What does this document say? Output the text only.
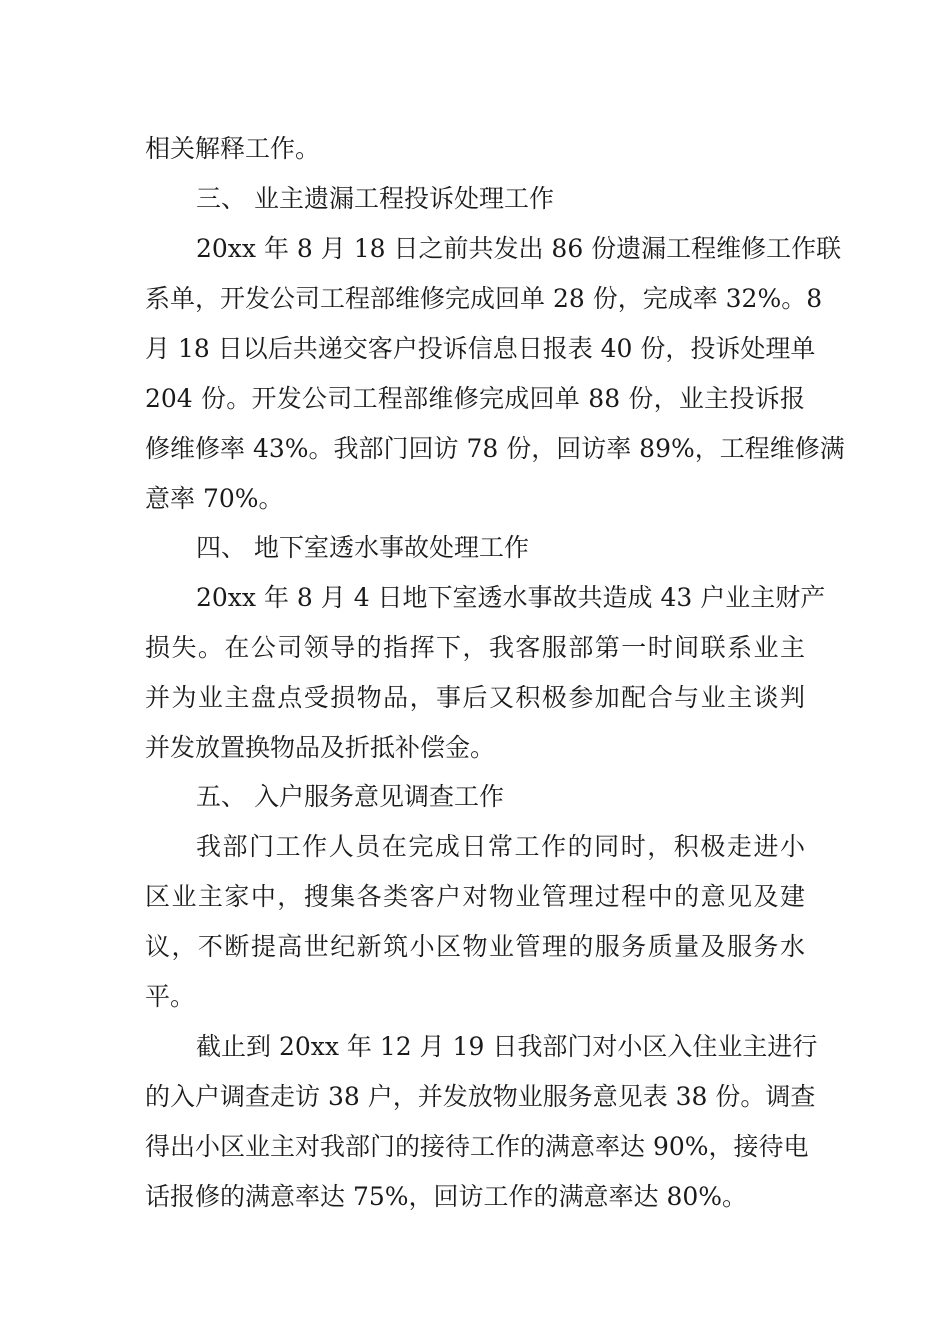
相关解释工作。
三、 业主遗漏工程投诉处理工作
20xx 年 8 月 18 日之前共发出 86 份遗漏工程维修工作联
系单，开发公司工程部维修完成回单 28 份，完成率 32%。8
月 18 日以后共递交客户投诉信息日报表 40 份，投诉处理单
204 份。开发公司工程部维修完成回单 88 份，业主投诉报
修维修率 43%。我部门回访 78 份，回访率 89%，工程维修满
意率 70%。
四、 地下室透水事故处理工作
20xx 年 8 月 4 日地下室透水事故共造成 43 户业主财产
损失。在公司领导的指挥下，我客服部第一时间联系业主
并为业主盘点受损物品，事后又积极参加配合与业主谈判
并发放置换物品及折抵补偿金。
五、 入户服务意见调查工作
我部门工作人员在完成日常工作的同时，积极走进小
区业主家中，搜集各类客户对物业管理过程中的意见及建
议，不断提高世纪新筑小区物业管理的服务质量及服务水
平。
截止到 20xx 年 12 月 19 日我部门对小区入住业主进行
的入户调查走访 38 户，并发放物业服务意见表 38 份。调查
得出小区业主对我部门的接待工作的满意率达 90%，接待电
话报修的满意率达 75%，回访工作的满意率达 80%。
